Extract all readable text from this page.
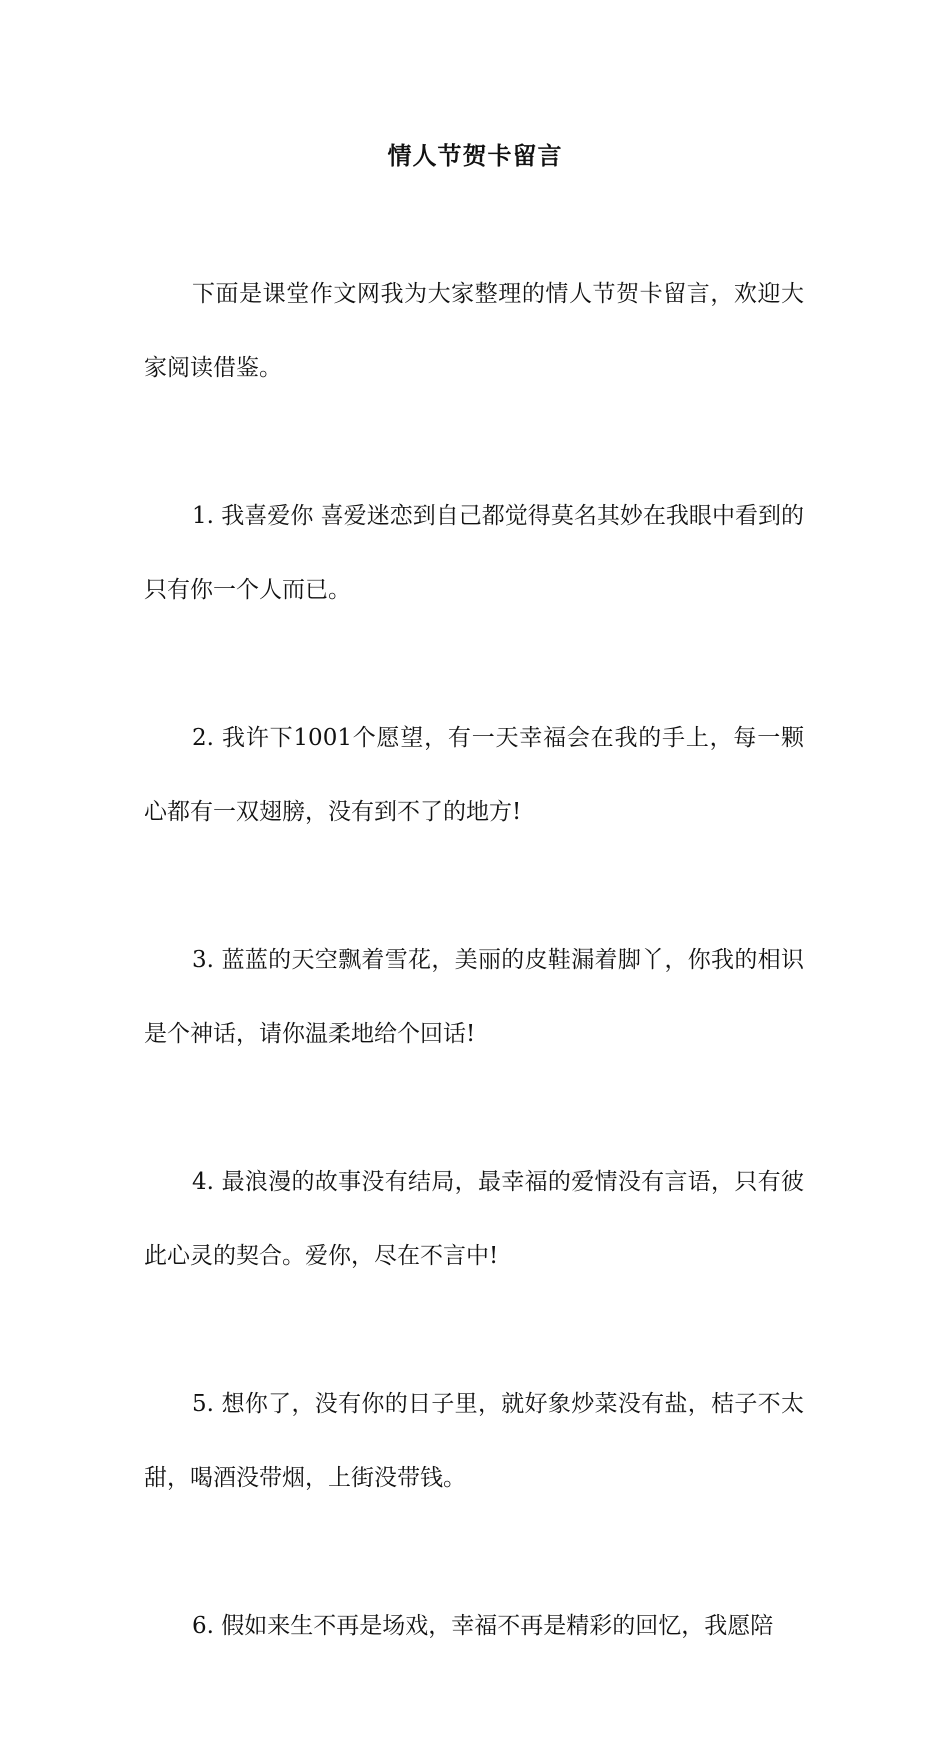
情人节贺卡留言

下面是课堂作文网我为大家整理的情人节贺卡留言，欢迎大家阅读借鉴。

1. 我喜爱你 喜爱迷恋到自己都觉得莫名其妙在我眼中看到的只有你一个人而已。

2. 我许下1001个愿望，有一天幸福会在我的手上，每一颗心都有一双翅膀，没有到不了的地方!

3. 蓝蓝的天空飘着雪花，美丽的皮鞋漏着脚丫，你我的相识是个神话，请你温柔地给个回话!

4. 最浪漫的故事没有结局，最幸福的爱情没有言语，只有彼此心灵的契合。爱你，尽在不言中!

5. 想你了，没有你的日子里，就好象炒菜没有盐，桔子不太甜，喝酒没带烟，上街没带钱。

6. 假如来生不再是场戏，幸福不再是精彩的回忆，我愿陪
